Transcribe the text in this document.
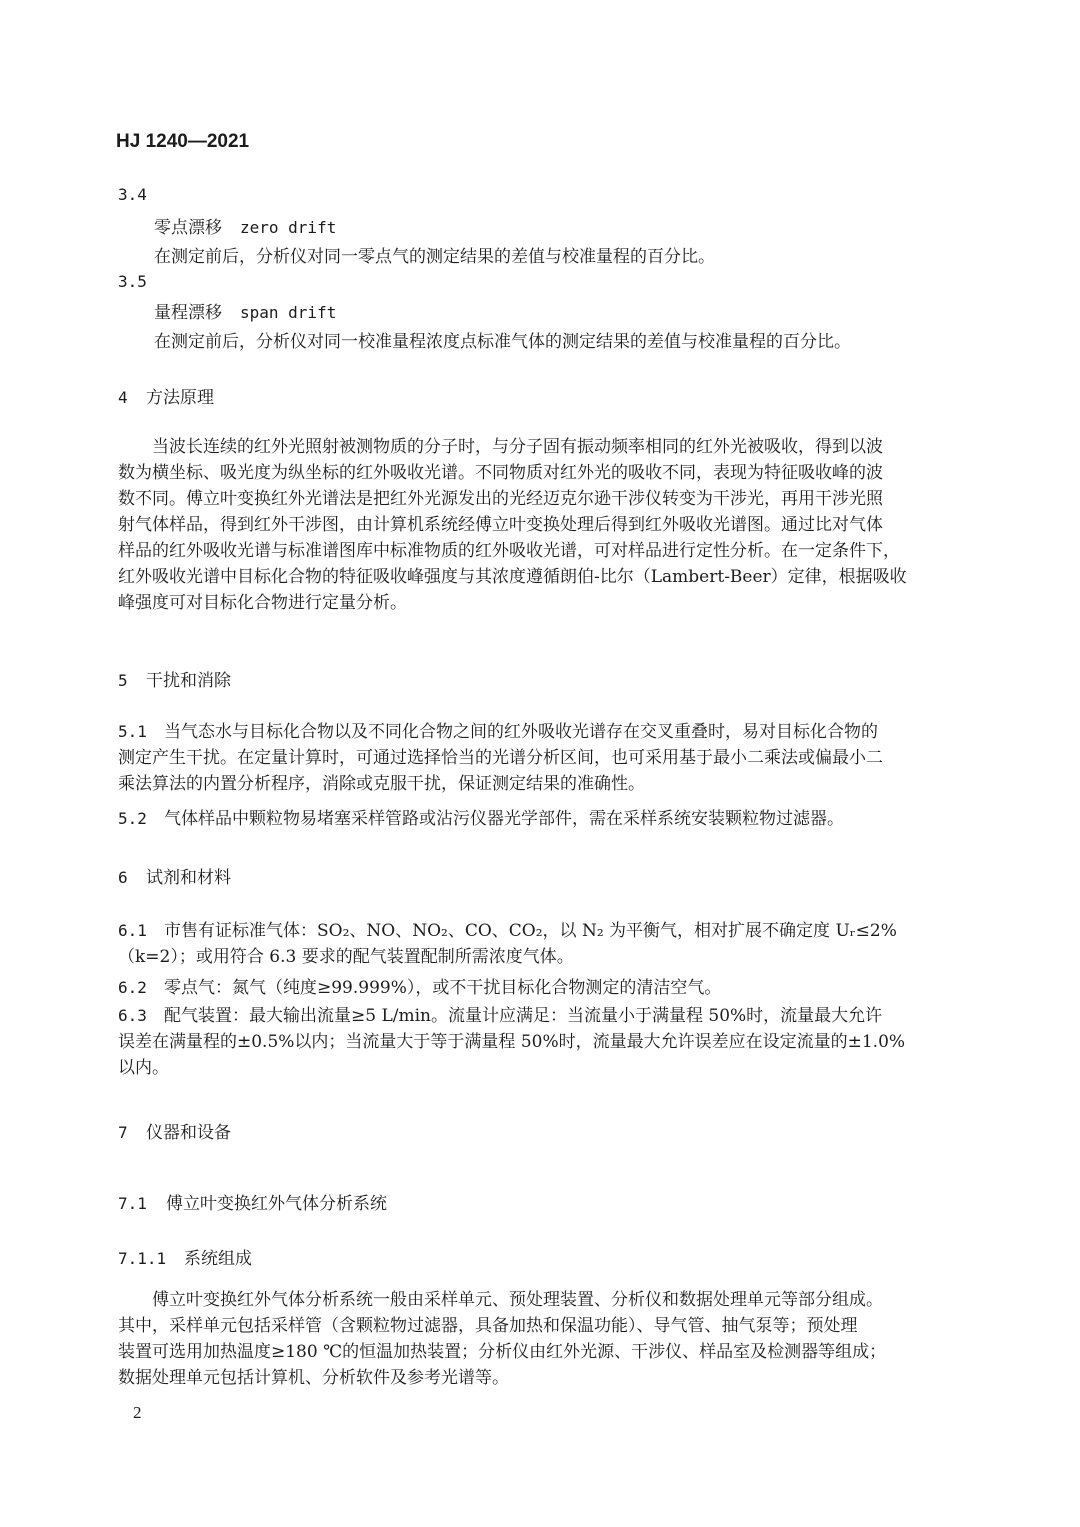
HJ 1240—2021
3.4
零点漂移 zero drift
在测定前后，分析仪对同一零点气的测定结果的差值与校准量程的百分比。
3.5
量程漂移 span drift
在测定前后，分析仪对同一校准量程浓度点标准气体的测定结果的差值与校准量程的百分比。
4 方法原理
当波长连续的红外光照射被测物质的分子时，与分子固有振动频率相同的红外光被吸收，得到以波
数为横坐标、吸光度为纵坐标的红外吸收光谱。不同物质对红外光的吸收不同，表现为特征吸收峰的波
数不同。傅立叶变换红外光谱法是把红外光源发出的光经迈克尔逊干涉仪转变为干涉光，再用干涉光照
射气体样品，得到红外干涉图，由计算机系统经傅立叶变换处理后得到红外吸收光谱图。通过比对气体
样品的红外吸收光谱与标准谱图库中标准物质的红外吸收光谱，可对样品进行定性分析。在一定条件下，
红外吸收光谱中目标化合物的特征吸收峰强度与其浓度遵循朗伯-比尔（Lambert-Beer）定律，根据吸收
峰强度可对目标化合物进行定量分析。
5 干扰和消除
5.1 当气态水与目标化合物以及不同化合物之间的红外吸收光谱存在交叉重叠时，易对目标化合物的
测定产生干扰。在定量计算时，可通过选择恰当的光谱分析区间，也可采用基于最小二乘法或偏最小二
乘法算法的内置分析程序，消除或克服干扰，保证测定结果的准确性。
5.2 气体样品中颗粒物易堵塞采样管路或沾污仪器光学部件，需在采样系统安装颗粒物过滤器。
6 试剂和材料
6.1 市售有证标准气体：SO₂、NO、NO₂、CO、CO₂，以 N₂ 为平衡气，相对扩展不确定度 Uᵣ≤2%
（k=2）；或用符合 6.3 要求的配气装置配制所需浓度气体。
6.2 零点气：氮气（纯度≥99.999%），或不干扰目标化合物测定的清洁空气。
6.3 配气装置：最大输出流量≥5 L/min。流量计应满足：当流量小于满量程 50%时，流量最大允许
误差在满量程的±0.5%以内；当流量大于等于满量程 50%时，流量最大允许误差应在设定流量的±1.0%
以内。
7 仪器和设备
7.1 傅立叶变换红外气体分析系统
7.1.1 系统组成
傅立叶变换红外气体分析系统一般由采样单元、预处理装置、分析仪和数据处理单元等部分组成。
其中，采样单元包括采样管（含颗粒物过滤器，具备加热和保温功能）、导气管、抽气泵等；预处理
装置可选用加热温度≥180 ℃的恒温加热装置；分析仪由红外光源、干涉仪、样品室及检测器等组成；
数据处理单元包括计算机、分析软件及参考光谱等。
2
